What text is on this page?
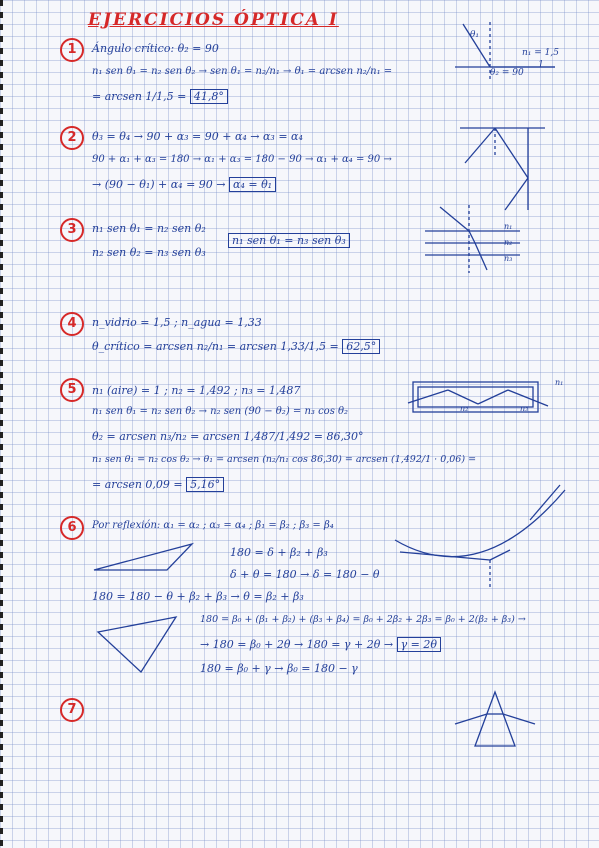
EJERCICIOS ÓPTICA I
1
2
3
4
5
6
7
Ángulo crítico: θ₂ = 90
n₁ sen θ₁ = n₂ sen θ₂ → sen θ₁ = n₂/n₁ → θ₁ = arcsen n₂/n₁ =
= arcsen 1/1,5 = 41,8°
n₁ = 1,5
θ₂ = 90
1
θ₁
θ₃ = θ₄ → 90 + α₃ = 90 + α₄ → α₃ = α₄
90 + α₁ + α₃ = 180 → α₁ + α₃ = 180 − 90 → α₁ + α₄ = 90 →
→ (90 − θ₁) + α₄ = 90 → α₄ = θ₁
n₁ sen θ₁ = n₂ sen θ₂
n₂ sen θ₂ = n₃ sen θ₃
n₁ sen θ₁ = n₃ sen θ₃
n₁
n₂
n₃
n_vidrio = 1,5 ; n_agua = 1,33
θ_crítico = arcsen n₂/n₁ = arcsen 1,33/1,5 = 62,5°
n₁ (aire) = 1 ; n₂ = 1,492 ; n₃ = 1,487
n₁ sen θ₁ = n₂ sen θ₂ → n₂ sen (90 − θ₂) = n₃ cos θ₂
θ₂ = arcsen n₃/n₂ = arcsen 1,487/1,492 = 86,30°
n₁ sen θ₁ = n₂ cos θ₂ → θ₁ = arcsen (n₂/n₁ cos 86,30) = arcsen (1,492/1 · 0,06) =
= arcsen 0,09 = 5,16°
n₁
n₂	n₃
Por reflexión: α₁ = α₂ ; α₃ = α₄ ; β₁ = β₂ ; β₃ = β₄
180 = δ + β₂ + β₃
δ + θ = 180 → δ = 180 − θ
180 = 180 − θ + β₂ + β₃ → θ = β₂ + β₃
180 = β₀ + (β₁ + β₂) + (β₃ + β₄) = β₀ + 2β₂ + 2β₃ = β₀ + 2(β₂ + β₃) →
→ 180 = β₀ + 2θ → 180 = γ + 2θ → γ = 2θ
180 = β₀ + γ → β₀ = 180 − γ
